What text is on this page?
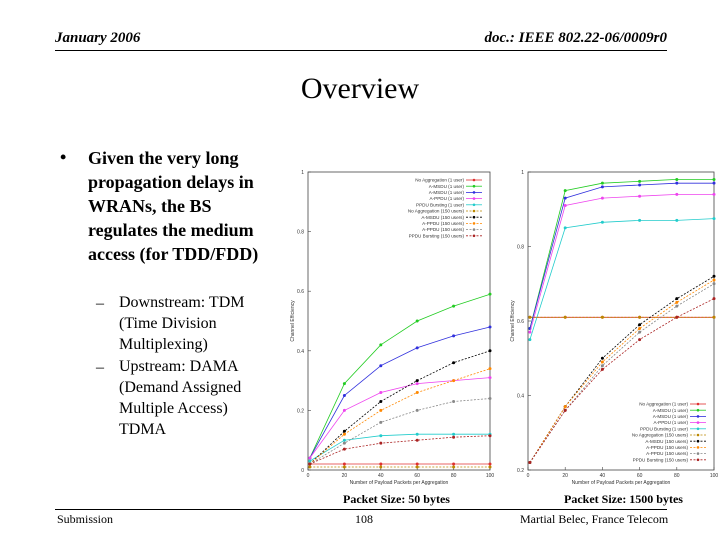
January 2006	doc.: IEEE 802.22-06/0009r0
Overview
• Given the very long propagation delays in WRANs, the BS regulates the medium access (for TDD/FDD)
– Downstream: TDM (Time Division Multiplexing)
– Upstream: DAMA (Demand Assigned Multiple Access) TDMA
0
0.2
0.4
0.6
0.8
1
0	20	40	60	80	100
Number of Payload Packets per Aggregation
Channel Efficiency
No Aggregation (1 user)
A-MSDU (1 user)
A-MSDU (1 user)
A-PPDU (1 user)
PPDU Bursting (1 user)
No Aggregation (150 users)
A-MSDU (150 users)
A-PPDU (150 users)
A-PPDU (150 users)
PPDU Bursting (150 users)
0.2
0.4
0.6
0.8
1
0	20	40	60	80	100
Number of Payload Packets per Aggregation
Channel Efficiency
No Aggregation (1 user)
A-MSDU (1 user)
A-MSDU (1 user)
A-PPDU (1 user)
PPDU Bursting (1 user)
No Aggregation (150 users)
A-MSDU (150 users)
A-PPDU (150 users)
A-PPDU (150 users)
PPDU Bursting (150 users)
Packet Size: 50 bytes	Packet Size: 1500 bytes
Submission	108	Martial Belec, France Telecom
